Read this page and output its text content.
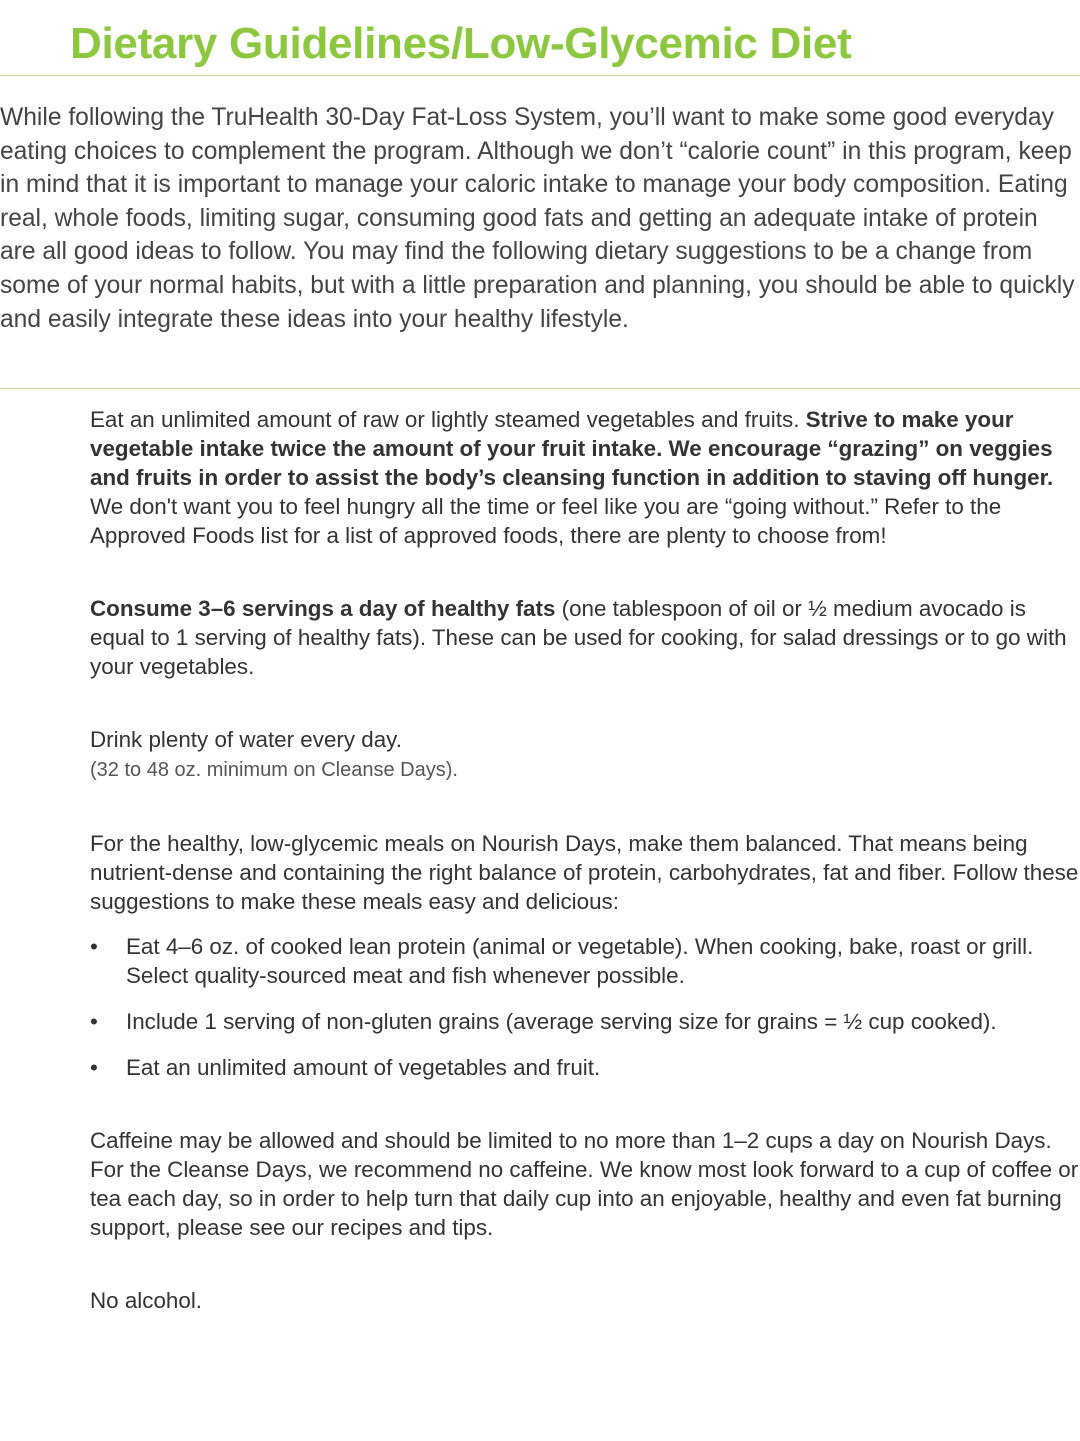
Dietary Guidelines/Low-Glycemic Diet

While following the TruHealth 30-Day Fat-Loss System, you’ll want to make some good everyday eating choices to complement the program. Although we don’t “calorie count” in this program, keep in mind that it is important to manage your caloric intake to manage your body composition. Eating real, whole foods, limiting sugar, consuming good fats and getting an adequate intake of protein are all good ideas to follow. You may find the following dietary suggestions to be a change from some of your normal habits, but with a little preparation and planning, you should be able to quickly and easily integrate these ideas into your healthy lifestyle.

Eat an unlimited amount of raw or lightly steamed vegetables and fruits. Strive to make your vegetable intake twice the amount of your fruit intake. We encourage “grazing” on veggies and fruits in order to assist the body’s cleansing function in addition to staving off hunger. We don't want you to feel hungry all the time or feel like you are “going without.” Refer to the Approved Foods list for a list of approved foods, there are plenty to choose from!

Consume 3–6 servings a day of healthy fats (one tablespoon of oil or ½ medium avocado is equal to 1 serving of healthy fats). These can be used for cooking, for salad dressings or to go with your vegetables.

Drink plenty of water every day.
(32 to 48 oz. minimum on Cleanse Days).

For the healthy, low-glycemic meals on Nourish Days, make them balanced. That means being nutrient-dense and containing the right balance of protein, carbohydrates, fat and fiber. Follow these suggestions to make these meals easy and delicious:

• Eat 4–6 oz. of cooked lean protein (animal or vegetable). When cooking, bake, roast or grill. Select quality-sourced meat and fish whenever possible.
• Include 1 serving of non-gluten grains (average serving size for grains = ½ cup cooked).
• Eat an unlimited amount of vegetables and fruit.

Caffeine may be allowed and should be limited to no more than 1–2 cups a day on Nourish Days. For the Cleanse Days, we recommend no caffeine. We know most look forward to a cup of coffee or tea each day, so in order to help turn that daily cup into an enjoyable, healthy and even fat burning support, please see our recipes and tips.

No alcohol.
